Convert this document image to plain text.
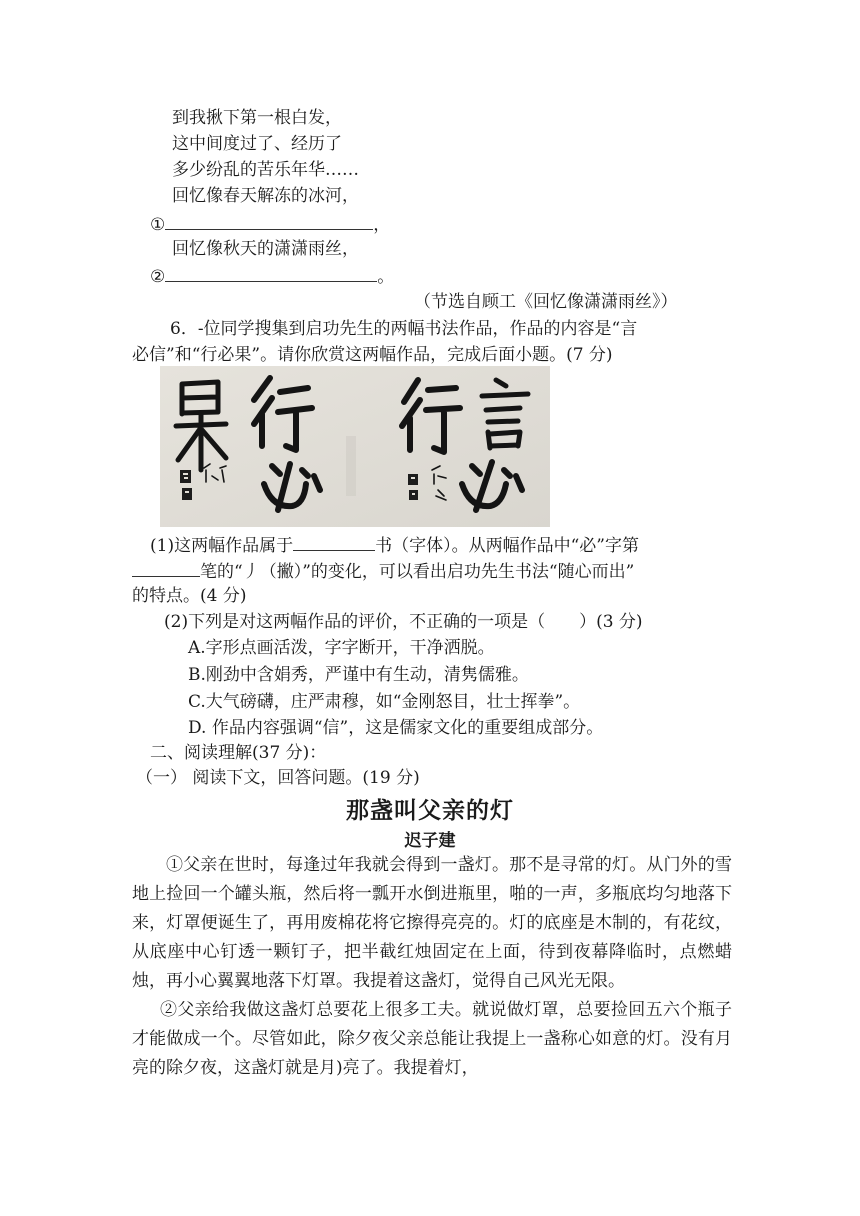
到我揪下第一根白发，
这中间度过了、经历了
多少纷乱的苦乐年华……
回忆像春天解冻的冰河，
①	，
回忆像秋天的潇潇雨丝，
②	。
（节选自顾工《回忆像潇潇雨丝》）
6．-位同学搜集到启功先生的两幅书法作品，作品的内容是“言
必信”和“行必果”。请你欣赏这两幅作品，完成后面小题。(7 分)
(1)这两幅作品属于	书（字体）。从两幅作品中“必”字第
笔的“丿（撇）”的变化，可以看出启功先生书法“随心而出”
的特点。(4 分)
(2)下列是对这两幅作品的评价，不正确的一项是（　　）(3 分)
A.字形点画活泼，字字断开，干净洒脱。
B.刚劲中含娟秀，严谨中有生动，清隽儒雅。
C.大气磅礴，庄严肃穆，如“金刚怒目，壮士挥拳”。
D. 作品内容强调“信”，这是儒家文化的重要组成部分。
二、阅读理解(37 分)：
（一） 阅读下文，回答问题。(19 分)
那盏叫父亲的灯
迟子建

①父亲在世时，每逢过年我就会得到一盏灯。那不是寻常的灯。从门外的雪地上捡回一个罐头瓶，然后将一瓢开水倒进瓶里，啪的一声，多瓶底均匀地落下来，灯罩便诞生了，再用废棉花将它擦得亮亮的。灯的底座是木制的，有花纹，从底座中心钉透一颗钉子，把半截红烛固定在上面，待到夜幕降临时，点燃蜡烛，再小心翼翼地落下灯罩。我提着这盏灯，觉得自己风光无限。

②父亲给我做这盏灯总要花上很多工夫。就说做灯罩，总要捡回五六个瓶子才能做成一个。尽管如此，除夕夜父亲总能让我提上一盏称心如意的灯。没有月亮的除夕夜，这盏灯就是月)亮了。我提着灯，
